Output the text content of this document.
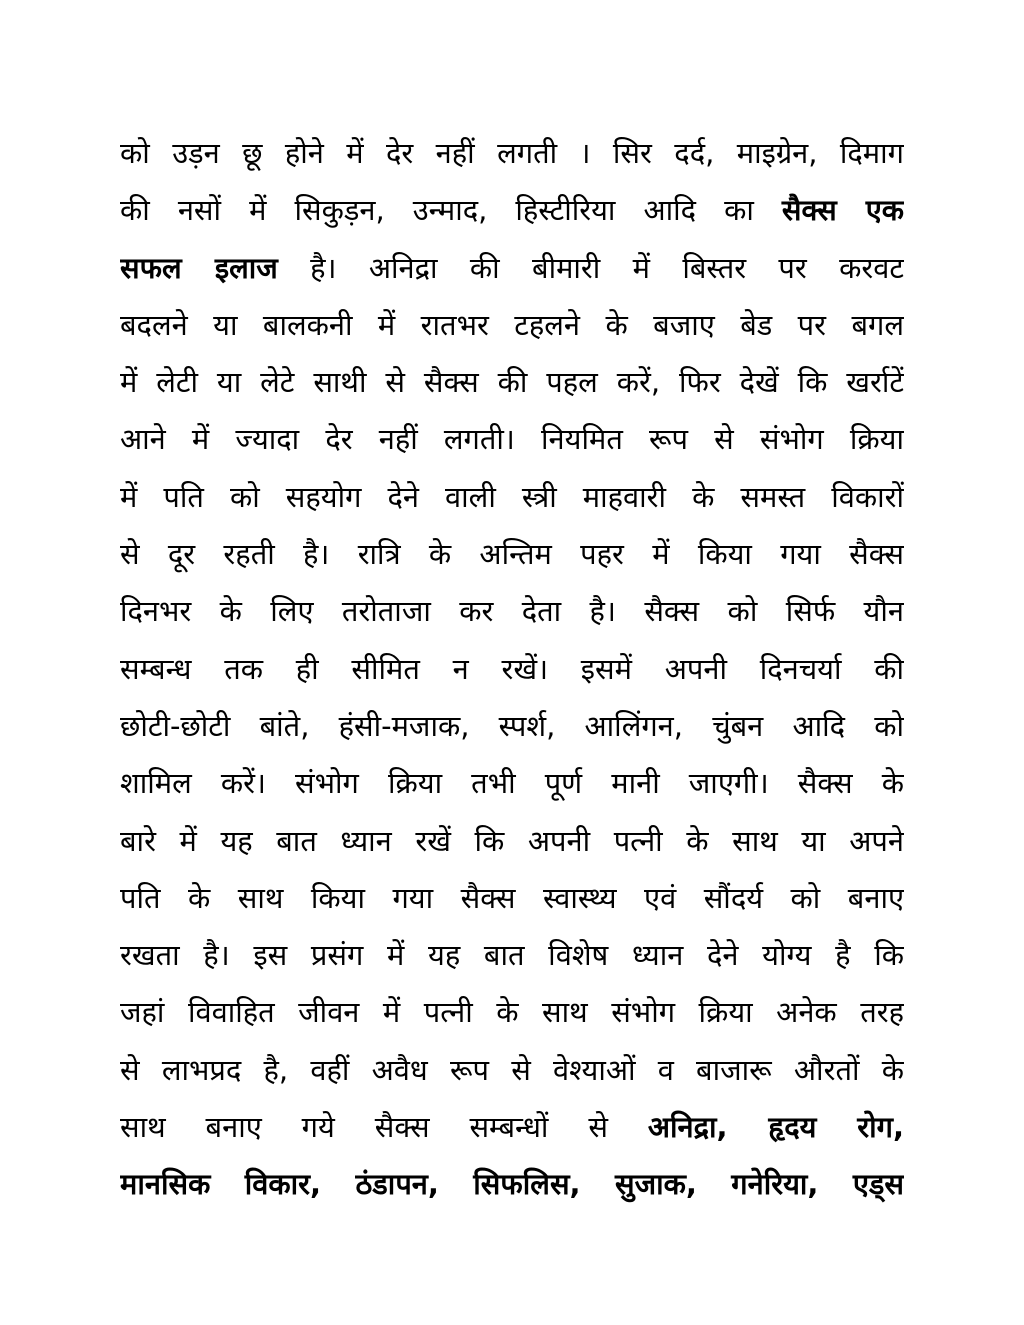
को उड़न छू होने में देर नहीं लगती । सिर दर्द, माइग्रेन, दिमाग
की नसों में सिकुड़न, उन्माद, हिस्टीरिया आदि का सैक्स एक
सफल इलाज है। अनिद्रा की बीमारी में बिस्तर पर करवट
बदलने या बालकनी में रातभर टहलने के बजाए बेड पर बगल
में लेटी या लेटे साथी से सैक्स की पहल करें, फिर देखें कि खर्राटें
आने में ज्यादा देर नहीं लगती। नियमित रूप से संभोग क्रिया
में पति को सहयोग देने वाली स्त्री माहवारी के समस्त विकारों
से दूर रहती है। रात्रि के अन्तिम पहर में किया गया सैक्स
दिनभर के लिए तरोताजा कर देता है। सैक्स को सिर्फ यौन
सम्बन्ध तक ही सीमित न रखें। इसमें अपनी दिनचर्या की
छोटी-छोटी बांते, हंसी-मजाक, स्पर्श, आलिंगन, चुंबन आदि को
शामिल करें। संभोग क्रिया तभी पूर्ण मानी जाएगी। सैक्स के
बारे में यह बात ध्यान रखें कि अपनी पत्नी के साथ या अपने
पति के साथ किया गया सैक्स स्वास्थ्य एवं सौंदर्य को बनाए
रखता है। इस प्रसंग में यह बात विशेष ध्यान देने योग्य है कि
जहां विवाहित जीवन में पत्नी के साथ संभोग क्रिया अनेक तरह
से लाभप्रद है, वहीं अवैध रूप से वेश्याओं व बाजारू औरतों के
साथ बनाए गये सैक्स सम्बन्धों से अनिद्रा, हृदय रोग,
मानसिक विकार, ठंडापन, सिफलिस, सुजाक, गनेरिया, एड्स
